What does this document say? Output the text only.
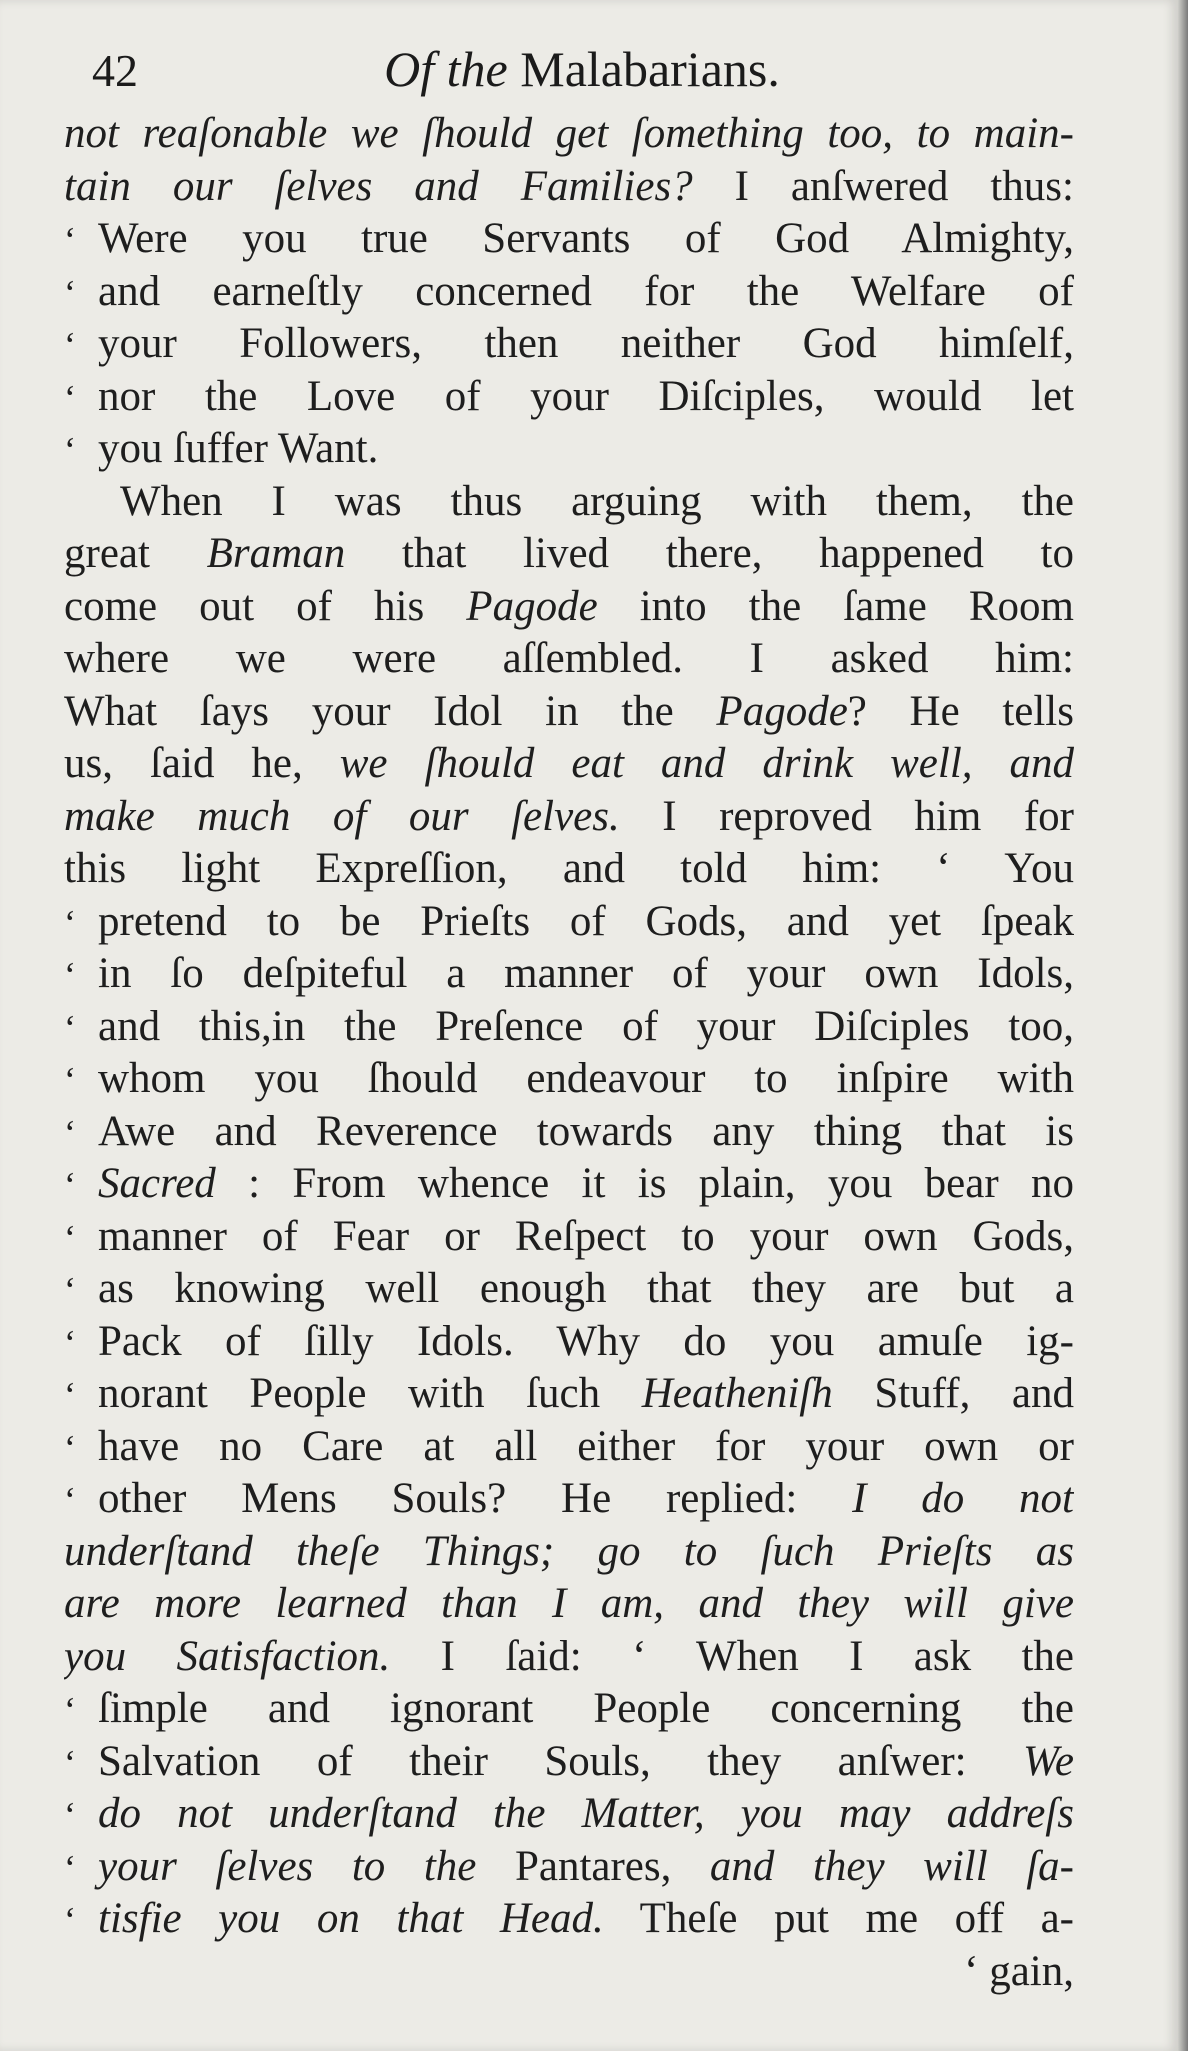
42	Of the Malabarians.
not reaſonable we ſhould get ſomething too, to main-
tain our ſelves and Families? I anſwered thus:
‘ Were you true Servants of God Almighty,
‘ and earneſtly concerned for the Welfare of
‘ your Followers, then neither God himſelf,
‘ nor the Love of your Diſciples, would let
‘ you ſuffer Want.
When I was thus arguing with them, the
great Braman that lived there, happened to
come out of his Pagode into the ſame Room
where we were aſſembled. I asked him:
What ſays your Idol in the Pagode? He tells
us, ſaid he, we ſhould eat and drink well, and
make much of our ſelves. I reproved him for
this light Expreſſion, and told him: ‘ You
‘ pretend to be Prieſts of Gods, and yet ſpeak
‘ in ſo deſpiteful a manner of your own Idols,
‘ and this,in the Preſence of your Diſciples too,
‘ whom you ſhould endeavour to inſpire with
‘ Awe and Reverence towards any thing that is
‘ Sacred : From whence it is plain, you bear no
‘ manner of Fear or Reſpect to your own Gods,
‘ as knowing well enough that they are but a
‘ Pack of ſilly Idols. Why do you amuſe ig-
‘ norant People with ſuch Heatheniſh Stuff, and
‘ have no Care at all either for your own or
‘ other Mens Souls? He replied: I do not
underſtand theſe Things; go to ſuch Prieſts as
are more learned than I am, and they will give
you Satisfaction. I ſaid: ‘ When I ask the
‘ ſimple and ignorant People concerning the
‘ Salvation of their Souls, they anſwer: We
‘ do not underſtand the Matter, you may addreſs
‘ your ſelves to the Pantares, and they will ſa-
‘ tisfie you on that Head. Theſe put me off a-
‘ gain,
